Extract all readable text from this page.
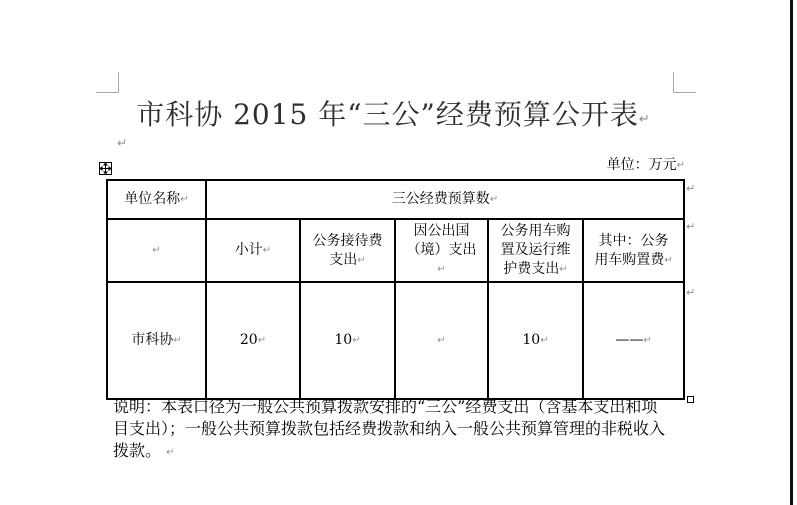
市科协 2015 年“三公”经费预算公开表↵
↵
单位：万元↵
单位名称↵	三公经费预算数↵				
↵	小计↵	公务接待费支出↵	因公出国（境）支出↵	公务用车购置及运行维护费支出↵	其中：公务用车购置费↵
市科协↵	20↵	10↵	↵	10↵	——↵
↵
↵
↵
说明：本表口径为一般公共预算拨款安排的“三公”经费支出（含基本支出和项
目支出）；一般公共预算拨款包括经费拨款和纳入一般公共预算管理的非税收入
拨款。 ↵
